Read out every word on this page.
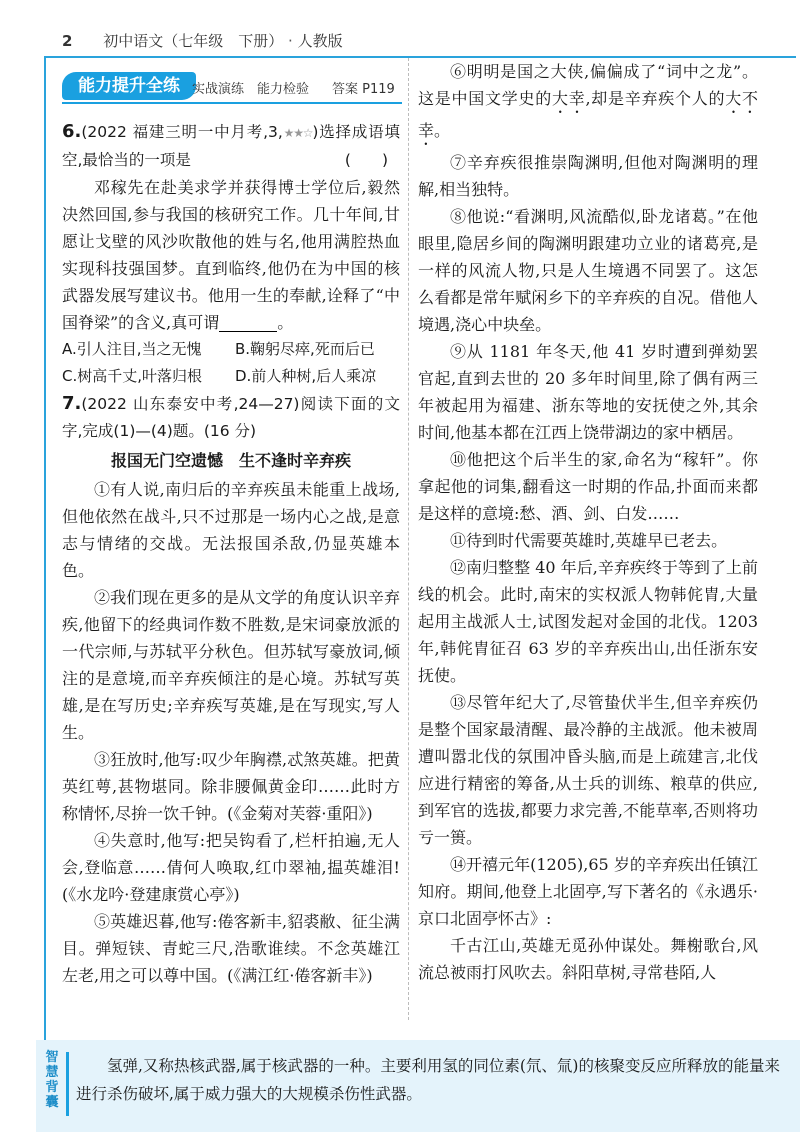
2 初中语文（七年级　下册） · 人教版
能力提升全练 实战演练　能力检验 答案 P119

6.(2022 福建三明一中月考,3,★★☆)选择成语填空,最恰当的一项是	(　　)

邓稼先在赴美求学并获得博士学位后,毅然决然回国,参与我国的核研究工作。几十年间,甘愿让戈壁的风沙吹散他的姓与名,他用满腔热血实现科技强国梦。直到临终,他仍在为中国的核武器发展写建议书。他用一生的奉献,诠释了“中国脊梁”的含义,真可谓	。

A.引人注目,当之无愧	B.鞠躬尽瘁,死而后已
C.树高千丈,叶落归根	D.前人种树,后人乘凉

7.(2022 山东泰安中考,24—27)阅读下面的文字,完成(1)—(4)题。(16 分)

报国无门空遗憾　生不逢时辛弃疾

①有人说,南归后的辛弃疾虽未能重上战场,但他依然在战斗,只不过那是一场内心之战,是意志与情绪的交战。无法报国杀敌,仍显英雄本色。

②我们现在更多的是从文学的角度认识辛弃疾,他留下的经典词作数不胜数,是宋词豪放派的一代宗师,与苏轼平分秋色。但苏轼写豪放词,倾注的是意境,而辛弃疾倾注的是心境。苏轼写英雄,是在写历史;辛弃疾写英雄,是在写现实,写人生。

③狂放时,他写:叹少年胸襟,忒煞英雄。把黄英红萼,甚物堪同。除非腰佩黄金印……此时方称情怀,尽拚一饮千钟。(《金菊对芙蓉·重阳》)

④失意时,他写:把吴钩看了,栏杆拍遍,无人会,登临意……倩何人唤取,红巾翠袖,揾英雄泪!(《水龙吟·登建康赏心亭》)

⑤英雄迟暮,他写:倦客新丰,貂裘敝、征尘满目。弹短铗、青蛇三尺,浩歌谁续。不念英雄江左老,用之可以尊中国。(《满江红·倦客新丰》)

⑥明明是国之大侠,偏偏成了“词中之龙”。这是中国文学史的大幸,却是辛弃疾个人的大不幸。

⑦辛弃疾很推崇陶渊明,但他对陶渊明的理解,相当独特。

⑧他说:“看渊明,风流酷似,卧龙诸葛。”在他眼里,隐居乡间的陶渊明跟建功立业的诸葛亮,是一样的风流人物,只是人生境遇不同罢了。这怎么看都是常年赋闲乡下的辛弃疾的自况。借他人境遇,浇心中块垒。

⑨从 1181 年冬天,他 41 岁时遭到弹劾罢官起,直到去世的 20 多年时间里,除了偶有两三年被起用为福建、浙东等地的安抚使之外,其余时间,他基本都在江西上饶带湖边的家中栖居。

⑩他把这个后半生的家,命名为“稼轩”。你拿起他的词集,翻看这一时期的作品,扑面而来都是这样的意境:愁、酒、剑、白发……

⑪待到时代需要英雄时,英雄早已老去。

⑫南归整整 40 年后,辛弃疾终于等到了上前线的机会。此时,南宋的实权派人物韩侂胄,大量起用主战派人士,试图发起对金国的北伐。1203 年,韩侂胄征召 63 岁的辛弃疾出山,出任浙东安抚使。

⑬尽管年纪大了,尽管蛰伏半生,但辛弃疾仍是整个国家最清醒、最冷静的主战派。他未被周遭叫嚣北伐的氛围冲昏头脑,而是上疏建言,北伐应进行精密的筹备,从士兵的训练、粮草的供应,到军官的选拔,都要力求完善,不能草率,否则将功亏一篑。

⑭开禧元年(1205),65 岁的辛弃疾出任镇江知府。期间,他登上北固亭,写下著名的《永遇乐·京口北固亭怀古》:

千古江山,英雄无觅孙仲谋处。舞榭歌台,风流总被雨打风吹去。斜阳草树,寻常巷陌,人

智慧背囊
氢弹,又称热核武器,属于核武器的一种。主要利用氢的同位素(氘、氚)的核聚变反应所释放的能量来进行杀伤破坏,属于威力强大的大规模杀伤性武器。
